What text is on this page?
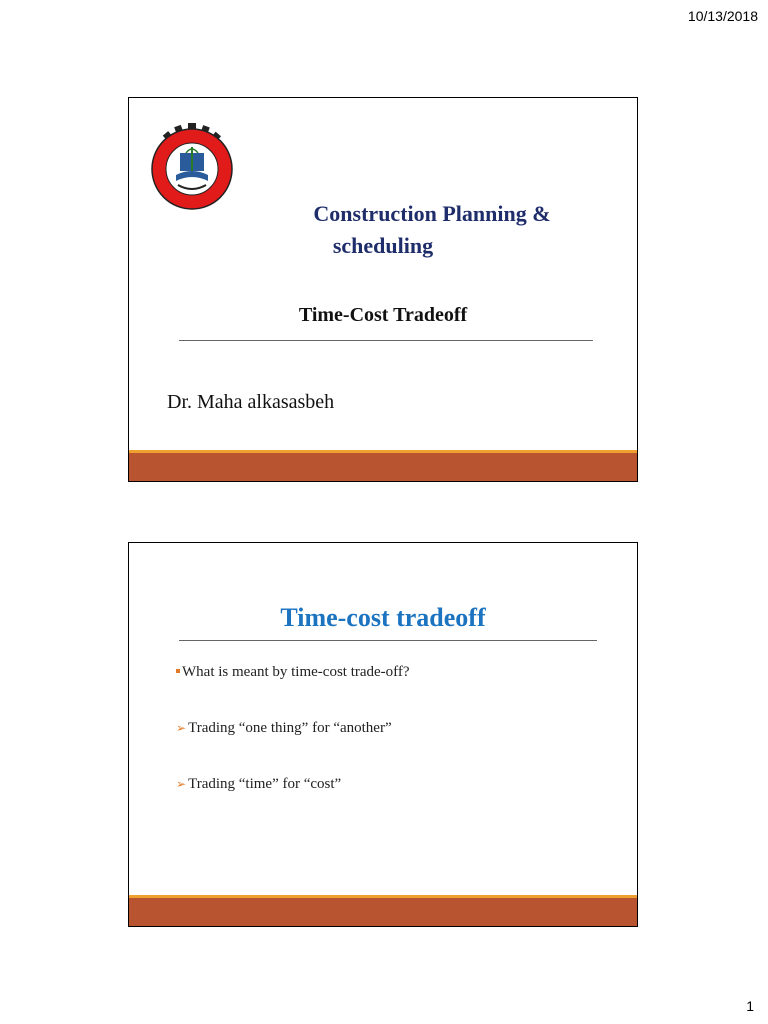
10/13/2018
Construction Planning &
scheduling
Time-Cost Tradeoff
Dr. Maha alkasasbeh
Time-cost tradeoff
What is meant by time-cost trade-off?
➢ Trading “one thing” for “another”
➢ Trading “time” for “cost”
1
